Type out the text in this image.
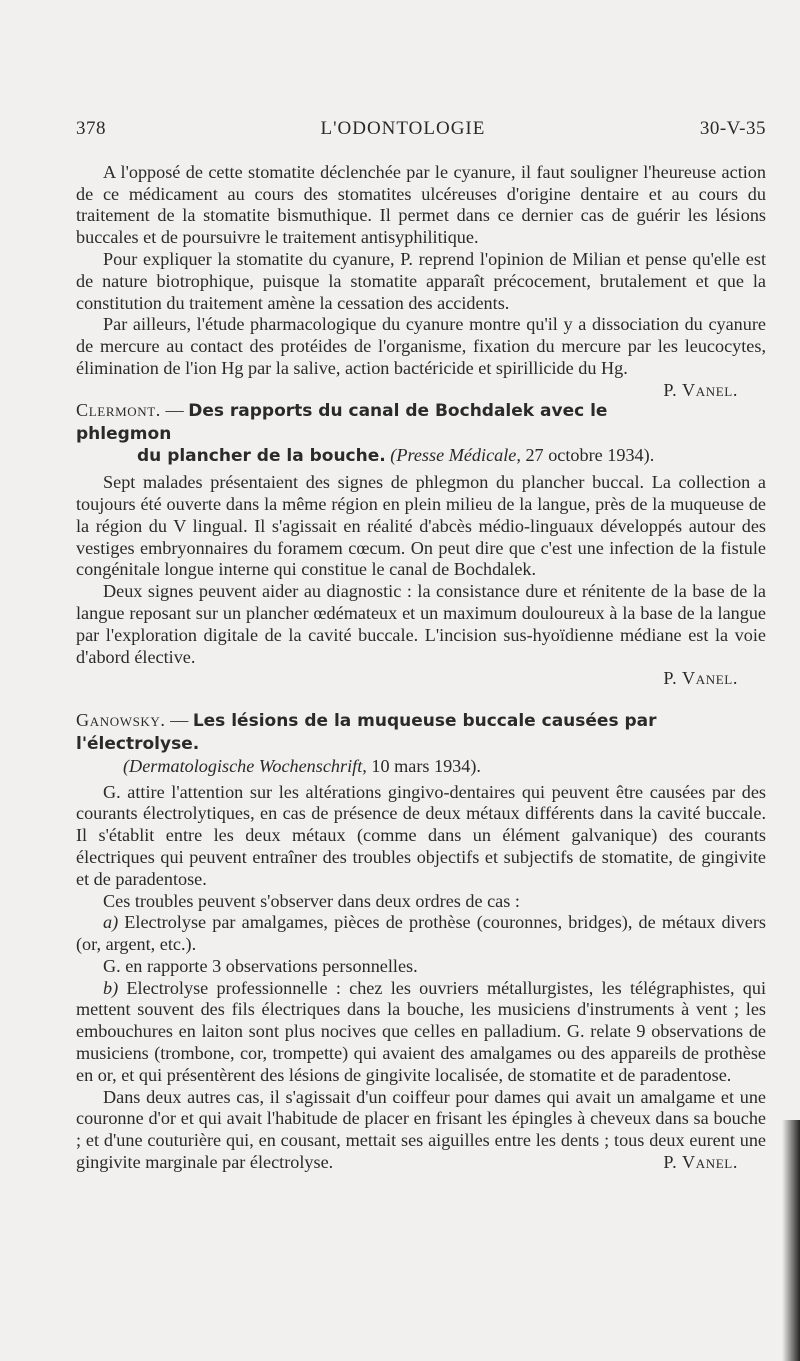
378	L'ODONTOLOGIE	30-V-35

A l'opposé de cette stomatite déclenchée par le cyanure, il faut souligner l'heureuse action de ce médicament au cours des stomatites ulcéreuses d'origine dentaire et au cours du traitement de la stomatite bismuthique. Il permet dans ce dernier cas de guérir les lésions buccales et de poursuivre le traitement antisyphilitique.

Pour expliquer la stomatite du cyanure, P. reprend l'opinion de Milian et pense qu'elle est de nature biotrophique, puisque la stomatite apparaît précocement, brutalement et que la constitution du traitement amène la cessation des accidents.

Par ailleurs, l'étude pharmacologique du cyanure montre qu'il y a dissociation du cyanure de mercure au contact des protéides de l'organisme, fixation du mercure par les leucocytes, élimination de l'ion Hg par la salive, action bactéricide et spirillicide du Hg.
P. Vanel.

Clermont. — Des rapports du canal de Bochdalek avec le phlegmon
du plancher de la bouche. (Presse Médicale, 27 octobre 1934).

Sept malades présentaient des signes de phlegmon du plancher buccal. La collection a toujours été ouverte dans la même région en plein milieu de la langue, près de la muqueuse de la région du V lingual. Il s'agissait en réalité d'abcès médio-linguaux développés autour des vestiges embryonnaires du foramem cœcum. On peut dire que c'est une infection de la fistule congénitale longue interne qui constitue le canal de Bochdalek.

Deux signes peuvent aider au diagnostic : la consistance dure et rénitente de la base de la langue reposant sur un plancher œdémateux et un maximum douloureux à la base de la langue par l'exploration digitale de la cavité buccale. L'incision sus-hyoïdienne médiane est la voie d'abord élective.

P. Vanel.
Ganowsky. — Les lésions de la muqueuse buccale causées par l'électrolyse.
(Dermatologische Wochenschrift, 10 mars 1934).

G. attire l'attention sur les altérations gingivo-dentaires qui peuvent être causées par des courants électrolytiques, en cas de présence de deux métaux différents dans la cavité buccale. Il s'établit entre les deux métaux (comme dans un élément galvanique) des courants électriques qui peuvent entraîner des troubles objectifs et subjectifs de stomatite, de gingivite et de paradentose.

Ces troubles peuvent s'observer dans deux ordres de cas :

a) Electrolyse par amalgames, pièces de prothèse (couronnes, bridges), de métaux divers (or, argent, etc.).

G. en rapporte 3 observations personnelles.

b) Electrolyse professionnelle : chez les ouvriers métallurgistes, les télégraphistes, qui mettent souvent des fils électriques dans la bouche, les musiciens d'instruments à vent ; les embouchures en laiton sont plus nocives que celles en palladium. G. relate 9 observations de musiciens (trombone, cor, trompette) qui avaient des amalgames ou des appareils de prothèse en or, et qui présentèrent des lésions de gingivite localisée, de stomatite et de paradentose.

Dans deux autres cas, il s'agissait d'un coiffeur pour dames qui avait un amalgame et une couronne d'or et qui avait l'habitude de placer en frisant les épingles à cheveux dans sa bouche ; et d'une couturière qui, en cousant, mettait ses aiguilles entre les dents ; tous deux eurent une gingivite marginale par électrolyse.	P. Vanel.
